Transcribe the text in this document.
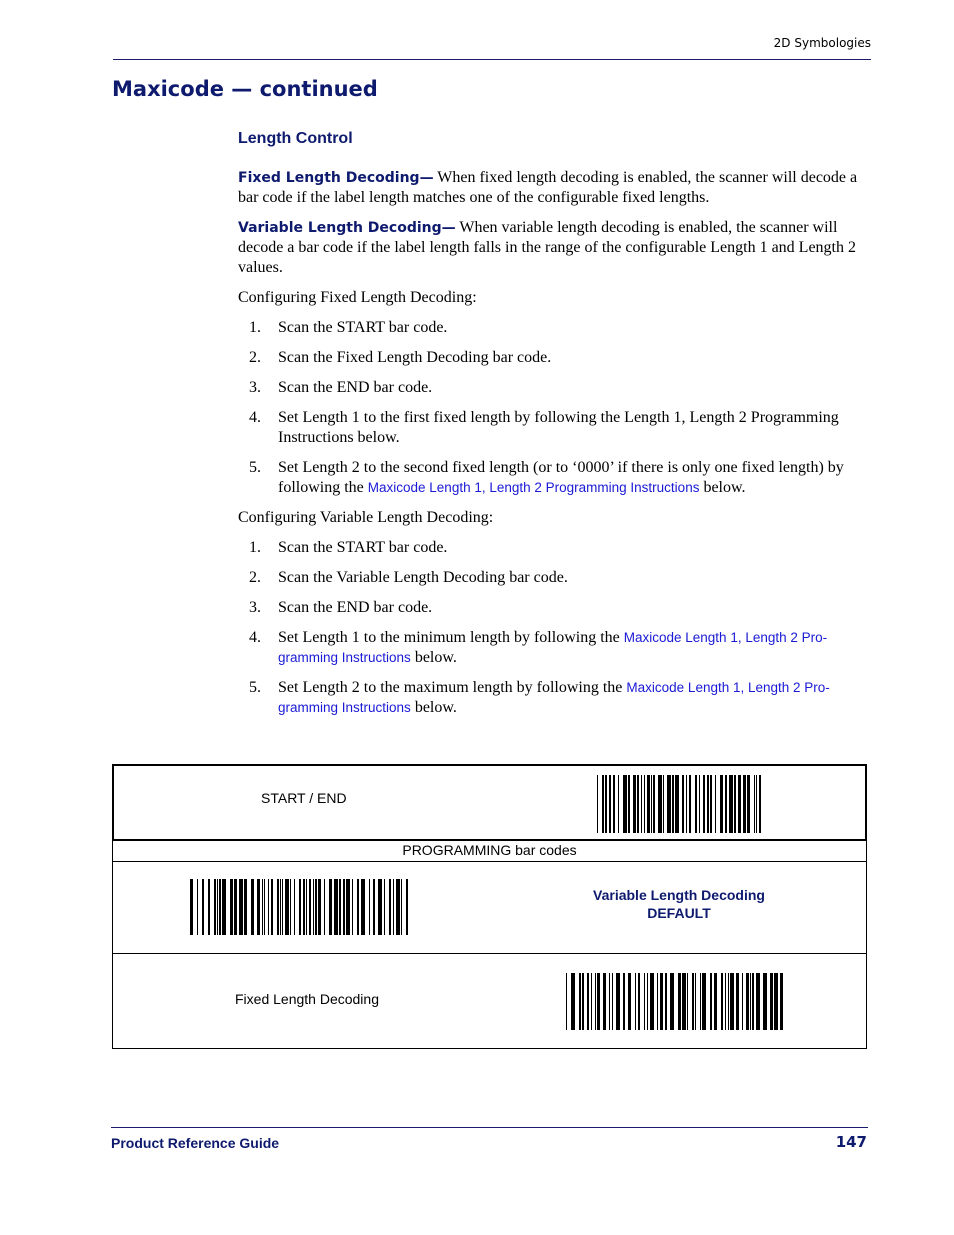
2D Symbologies
Maxicode — continued
Length Control

Fixed Length Decoding— When fixed length decoding is enabled, the scanner will decode a bar code if the label length matches one of the configurable fixed lengths.

Variable Length Decoding— When variable length decoding is enabled, the scanner will decode a bar code if the label length falls in the range of the configurable Length 1 and Length 2 values.

Configuring Fixed Length Decoding:

1. Scan the START bar code.
2. Scan the Fixed Length Decoding bar code.
3. Scan the END bar code.
4. Set Length 1 to the first fixed length by following the Length 1, Length 2 Programming Instructions below.
5. Set Length 2 to the second fixed length (or to ‘0000’ if there is only one fixed length) by following the Maxicode Length 1, Length 2 Programming Instructions below.

Configuring Variable Length Decoding:

1. Scan the START bar code.
2. Scan the Variable Length Decoding bar code.
3. Scan the END bar code.
4. Set Length 1 to the minimum length by following the Maxicode Length 1, Length 2 Pro-gramming Instructions below.
5. Set Length 2 to the maximum length by following the Maxicode Length 1, Length 2 Pro-gramming Instructions below.
START / END
PROGRAMMING bar codes
Variable Length Decoding
DEFAULT
Fixed Length Decoding
Product Reference Guide	147
